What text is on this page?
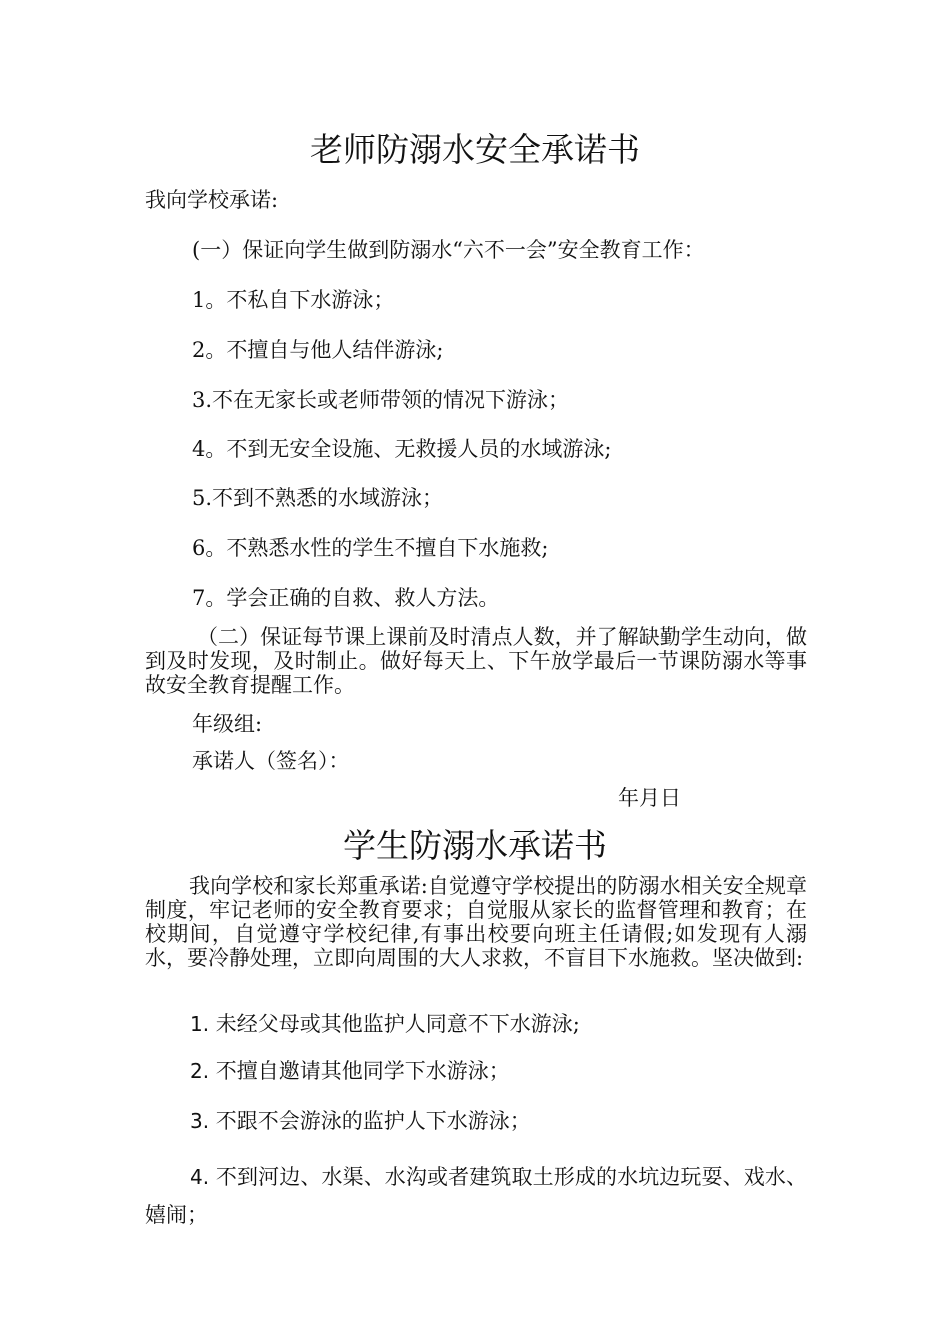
老师防溺水安全承诺书
我向学校承诺:
(一）保证向学生做到防溺水“六不一会”安全教育工作：
1。不私自下水游泳；
2。不擅自与他人结伴游泳;
3.不在无家长或老师带领的情况下游泳；
4。不到无安全设施、无救援人员的水域游泳;
5.不到不熟悉的水域游泳；
6。不熟悉水性的学生不擅自下水施救;
7。学会正确的自救、救人方法。
（二）保证每节课上课前及时清点人数，并了解缺勤学生动向，做到及时发现，及时制止。做好每天上、下午放学最后一节课防溺水等事故安全教育提醒工作。
年级组:
承诺人（签名）：
年月日
学生防溺水承诺书
我向学校和家长郑重承诺:自觉遵守学校提出的防溺水相关安全规章制度，牢记老师的安全教育要求；自觉服从家长的监督管理和教育；在校期间，自觉遵守学校纪律,有事出校要向班主任请假;如发现有人溺水，要冷静处理，立即向周围的大人求救，不盲目下水施救。坚决做到:
1. 未经父母或其他监护人同意不下水游泳;
2. 不擅自邀请其他同学下水游泳；
3. 不跟不会游泳的监护人下水游泳；
4. 不到河边、水渠、水沟或者建筑取土形成的水坑边玩耍、戏水、嬉闹；
